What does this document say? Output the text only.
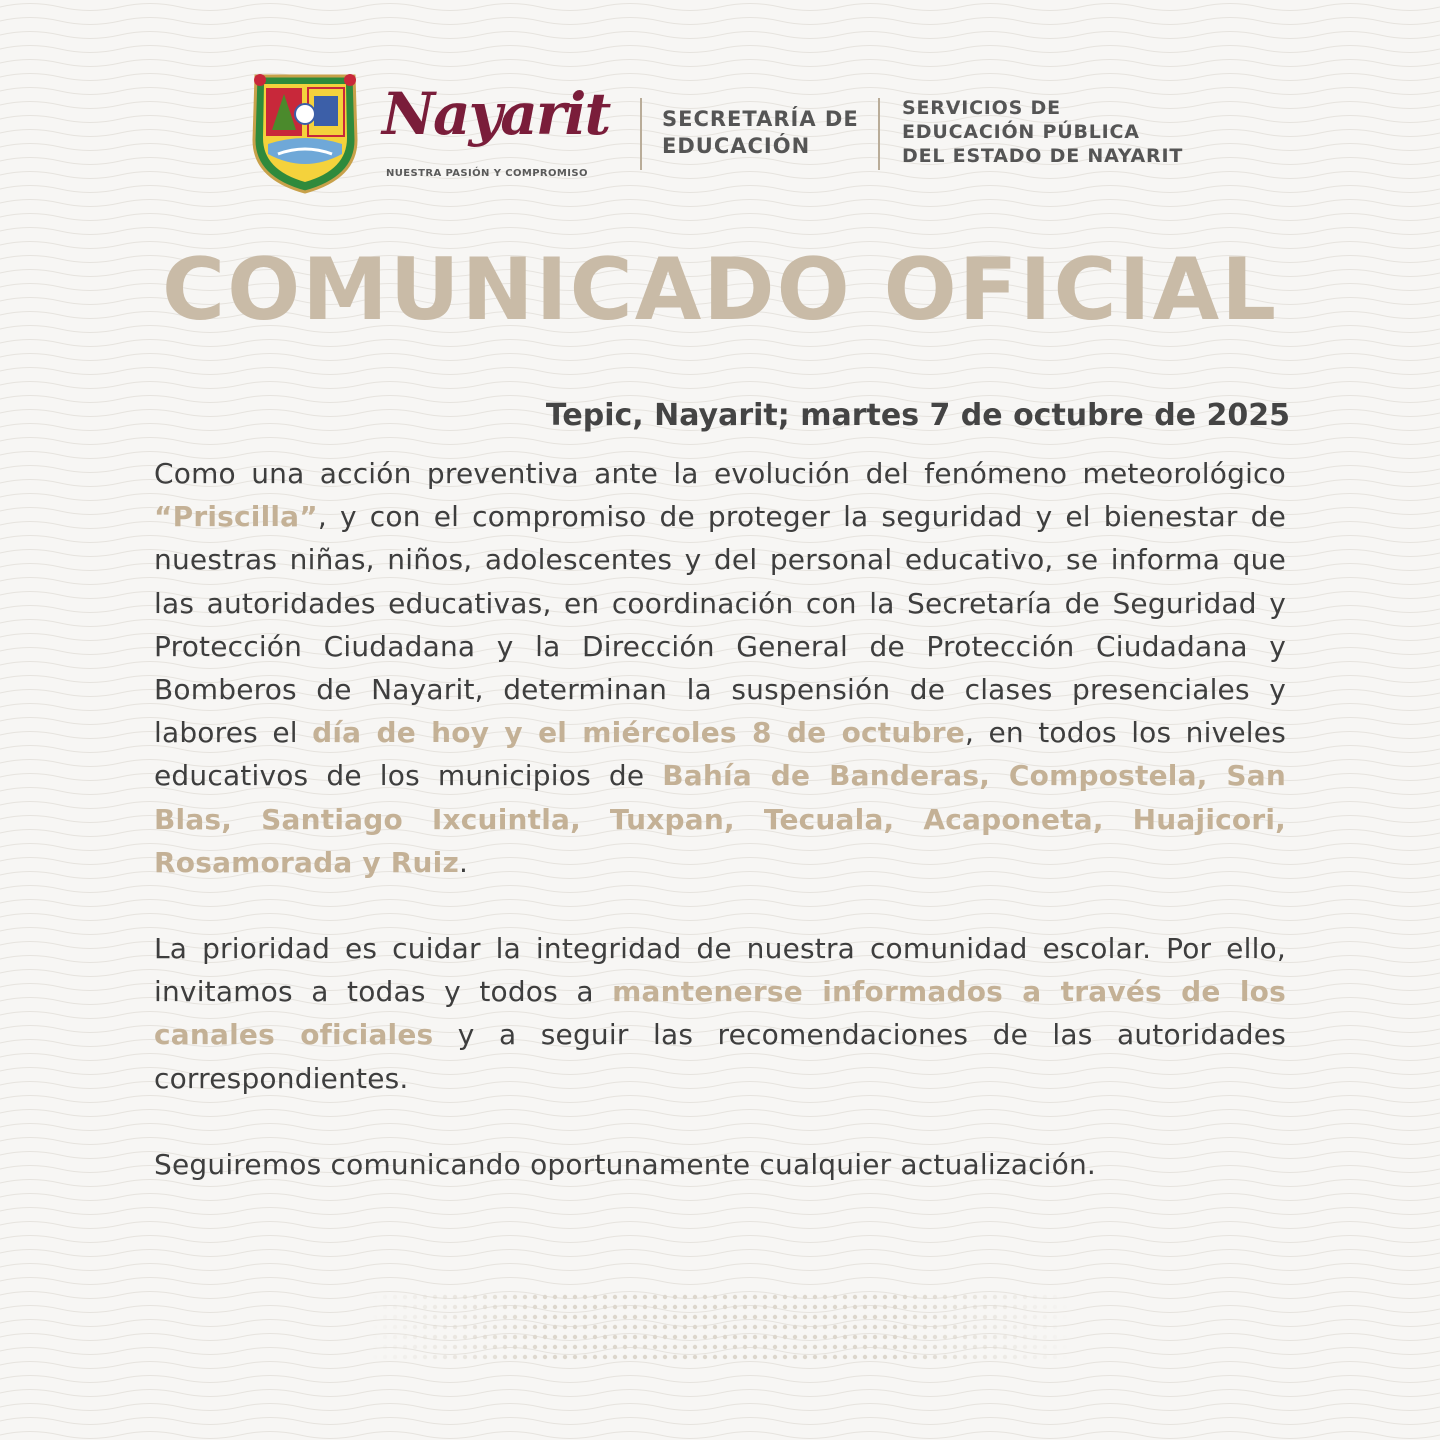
Nayarit
NUESTRA PASIÓN Y COMPROMISO
SECRETARÍA DE
EDUCACIÓN
SERVICIOS DE
EDUCACIÓN PÚBLICA
DEL ESTADO DE NAYARIT
COMUNICADO OFICIAL
Tepic, Nayarit; martes 7 de octubre de 2025

Como una acción preventiva ante la evolución del fenómeno meteorológico “Priscilla”, y con el compromiso de proteger la seguridad y el bienestar de nuestras niñas, niños, adolescentes y del personal educativo, se informa que las autoridades educativas, en coordinación con la Secretaría de Seguridad y Protección Ciudadana y la Dirección General de Protección Ciudadana y Bomberos de Nayarit, determinan la suspensión de clases presenciales y labores el día de hoy y el miércoles 8 de octubre, en todos los niveles educativos de los municipios de Bahía de Banderas, Compostela, San Blas, Santiago Ixcuintla, Tuxpan, Tecuala, Acaponeta, Huajicori, Rosamorada y Ruiz.

La prioridad es cuidar la integridad de nuestra comunidad escolar. Por ello, invitamos a todas y todos a mantenerse informados a través de los canales oficiales y a seguir las recomendaciones de las autoridades correspondientes.

Seguiremos comunicando oportunamente cualquier actualización.
